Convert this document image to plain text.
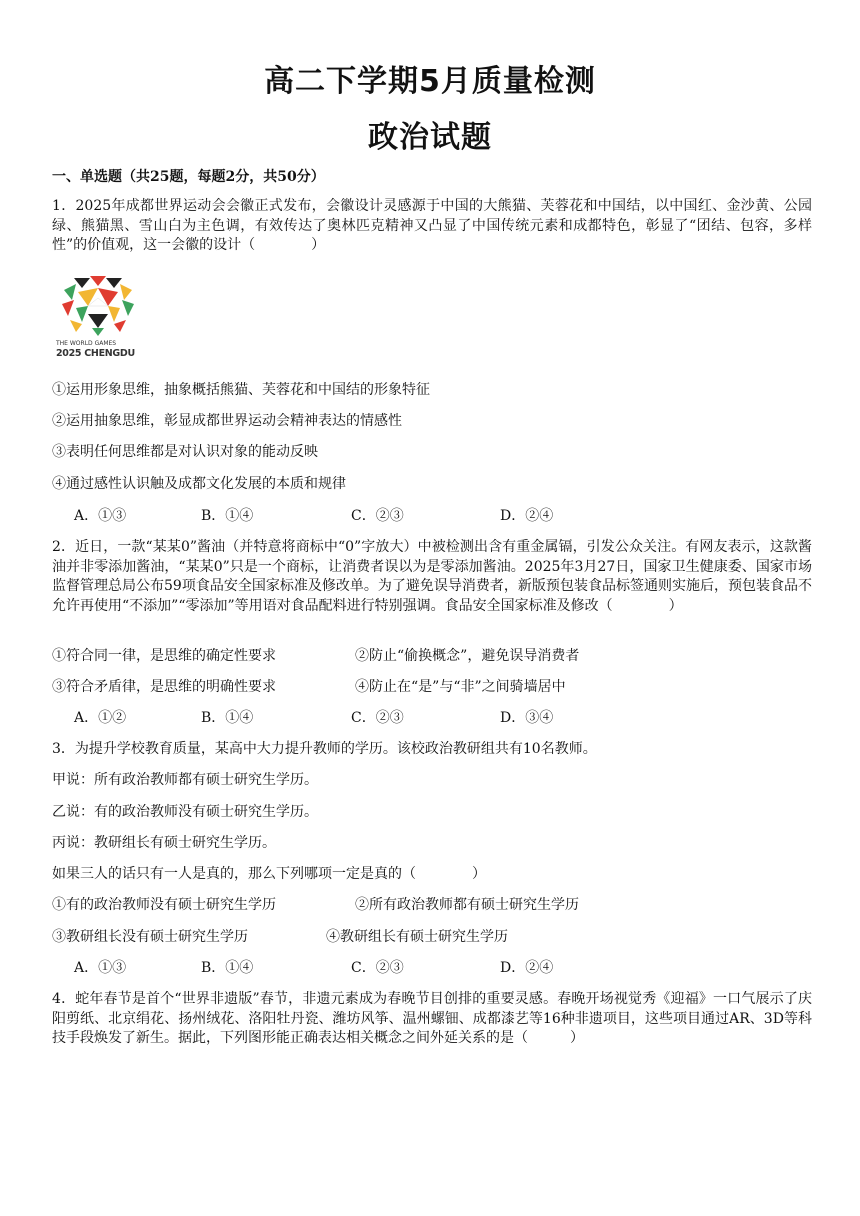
高二下学期5月质量检测
政治试题
一、单选题（共25题，每题2分，共50分）
1．2025年成都世界运动会会徽正式发布，会徽设计灵感源于中国的大熊猫、芙蓉花和中国结，以中国红、金沙黄、公园绿、熊猫黑、雪山白为主色调，有效传达了奥林匹克精神又凸显了中国传统元素和成都特色，彰显了“团结、包容，多样性”的价值观，这一会徽的设计（　　　　）
THE WORLD GAMES
2025 CHENGDU
①运用形象思维，抽象概括熊猫、芙蓉花和中国结的形象特征
②运用抽象思维，彰显成都世界运动会精神表达的情感性
③表明任何思维都是对认识对象的能动反映
④通过感性认识触及成都文化发展的本质和规律
A．①③	B．①④	C．②③	D．②④
2．近日，一款“某某0”酱油（并特意将商标中“0”字放大）中被检测出含有重金属镉，引发公众关注。有网友表示，这款酱油并非零添加酱油，“某某0”只是一个商标，让消费者误以为是零添加酱油。2025年3月27日，国家卫生健康委、国家市场监督管理总局公布59项食品安全国家标准及修改单。为了避免误导消费者，新版预包装食品标签通则实施后，预包装食品不允许再使用“不添加”“零添加”等用语对食品配料进行特别强调。食品安全国家标准及修改（　　　　）
①符合同一律，是思维的确定性要求	②防止“偷换概念”，避免误导消费者
③符合矛盾律，是思维的明确性要求	④防止在“是”与“非”之间骑墙居中
A．①②	B．①④	C．②③	D．③④
3．为提升学校教育质量，某高中大力提升教师的学历。该校政治教研组共有10名教师。
甲说：所有政治教师都有硕士研究生学历。
乙说：有的政治教师没有硕士研究生学历。
丙说：教研组长有硕士研究生学历。
如果三人的话只有一人是真的，那么下列哪项一定是真的（　　　　）
①有的政治教师没有硕士研究生学历	②所有政治教师都有硕士研究生学历
③教研组长没有硕士研究生学历	④教研组长有硕士研究生学历
A．①③	B．①④	C．②③	D．②④
4．蛇年春节是首个“世界非遗版”春节，非遗元素成为春晚节目创排的重要灵感。春晚开场视觉秀《迎福》一口气展示了庆阳剪纸、北京绢花、扬州绒花、洛阳牡丹瓷、潍坊风筝、温州螺钿、成都漆艺等16种非遗项目，这些项目通过AR、3D等科技手段焕发了新生。据此，下列图形能正确表达相关概念之间外延关系的是（　　　）
